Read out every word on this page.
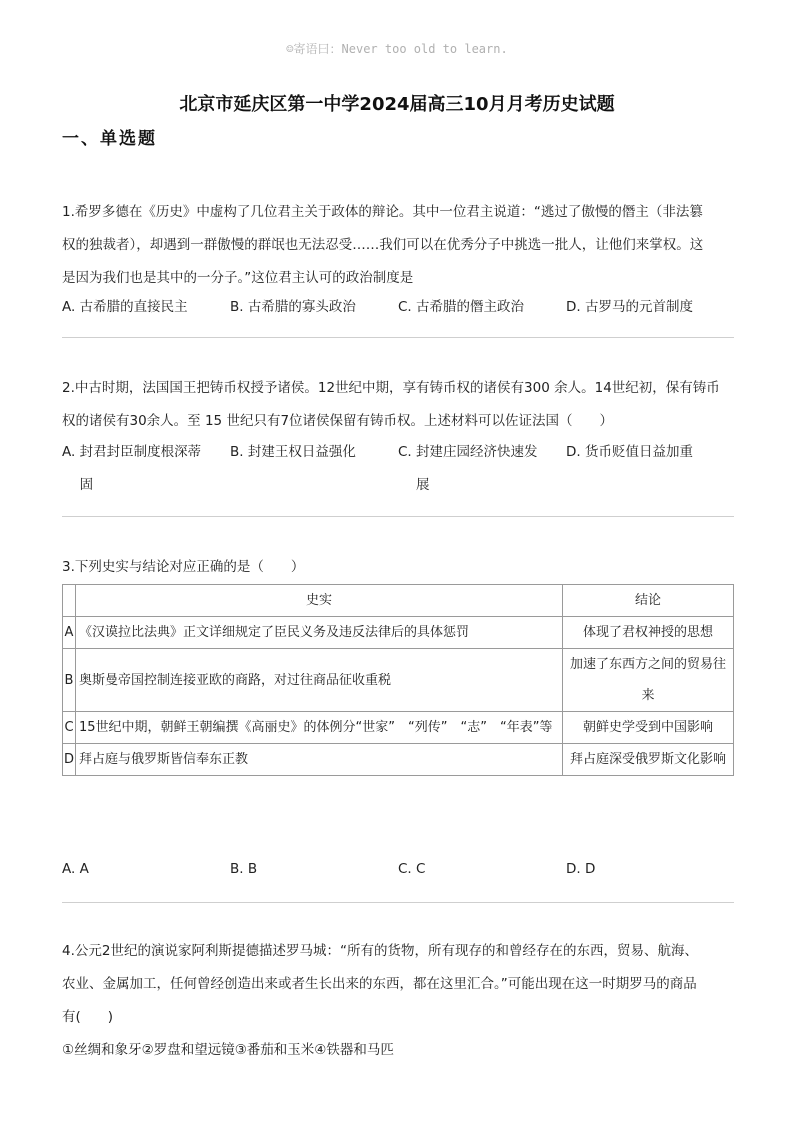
☺寄语曰：Never too old to learn.
北京市延庆区第一中学2024届高三10月月考历史试题
一、单选题
1.希罗多德在《历史》中虚构了几位君主关于政体的辩论。其中一位君主说道：“逃过了傲慢的僭主（非法篡
权的独裁者），却遇到一群傲慢的群氓也无法忍受……我们可以在优秀分子中挑选一批人，让他们来掌权。这
是因为我们也是其中的一分子。”这位君主认可的政治制度是
A. 古希腊的直接民主	B. 古希腊的寡头政治	C. 古希腊的僭主政治	D. 古罗马的元首制度
2.中古时期，法国国王把铸币权授予诸侯。12世纪中期，享有铸币权的诸侯有300 余人。14世纪初，保有铸币
权的诸侯有30余人。至 15 世纪只有7位诸侯保留有铸币权。上述材料可以佐证法国（　　）
A. 封君封臣制度根深蒂固
B. 封建王权日益强化	C. 封建庄园经济快速发展
D. 货币贬值日益加重
3.下列史实与结论对应正确的是（　　）
	史实	结论
A	《汉谟拉比法典》正文详细规定了臣民义务及违反法律后的具体惩罚	体现了君权神授的思想
B	奥斯曼帝国控制连接亚欧的商路，对过往商品征收重税	加速了东西方之间的贸易往来
C	15世纪中期，朝鲜王朝编撰《高丽史》的体例分“世家”　“列传”　“志”　“年表”等	朝鲜史学受到中国影响
D	拜占庭与俄罗斯皆信奉东正教	拜占庭深受俄罗斯文化影响
A. A	B. B	C. C	D. D
4.公元2世纪的演说家阿利斯提德描述罗马城：“所有的货物，所有现存的和曾经存在的东西，贸易、航海、
农业、金属加工，任何曾经创造出来或者生长出来的东西，都在这里汇合。”可能出现在这一时期罗马的商品
有(　　)
①丝绸和象牙②罗盘和望远镜③番茄和玉米④铁器和马匹
